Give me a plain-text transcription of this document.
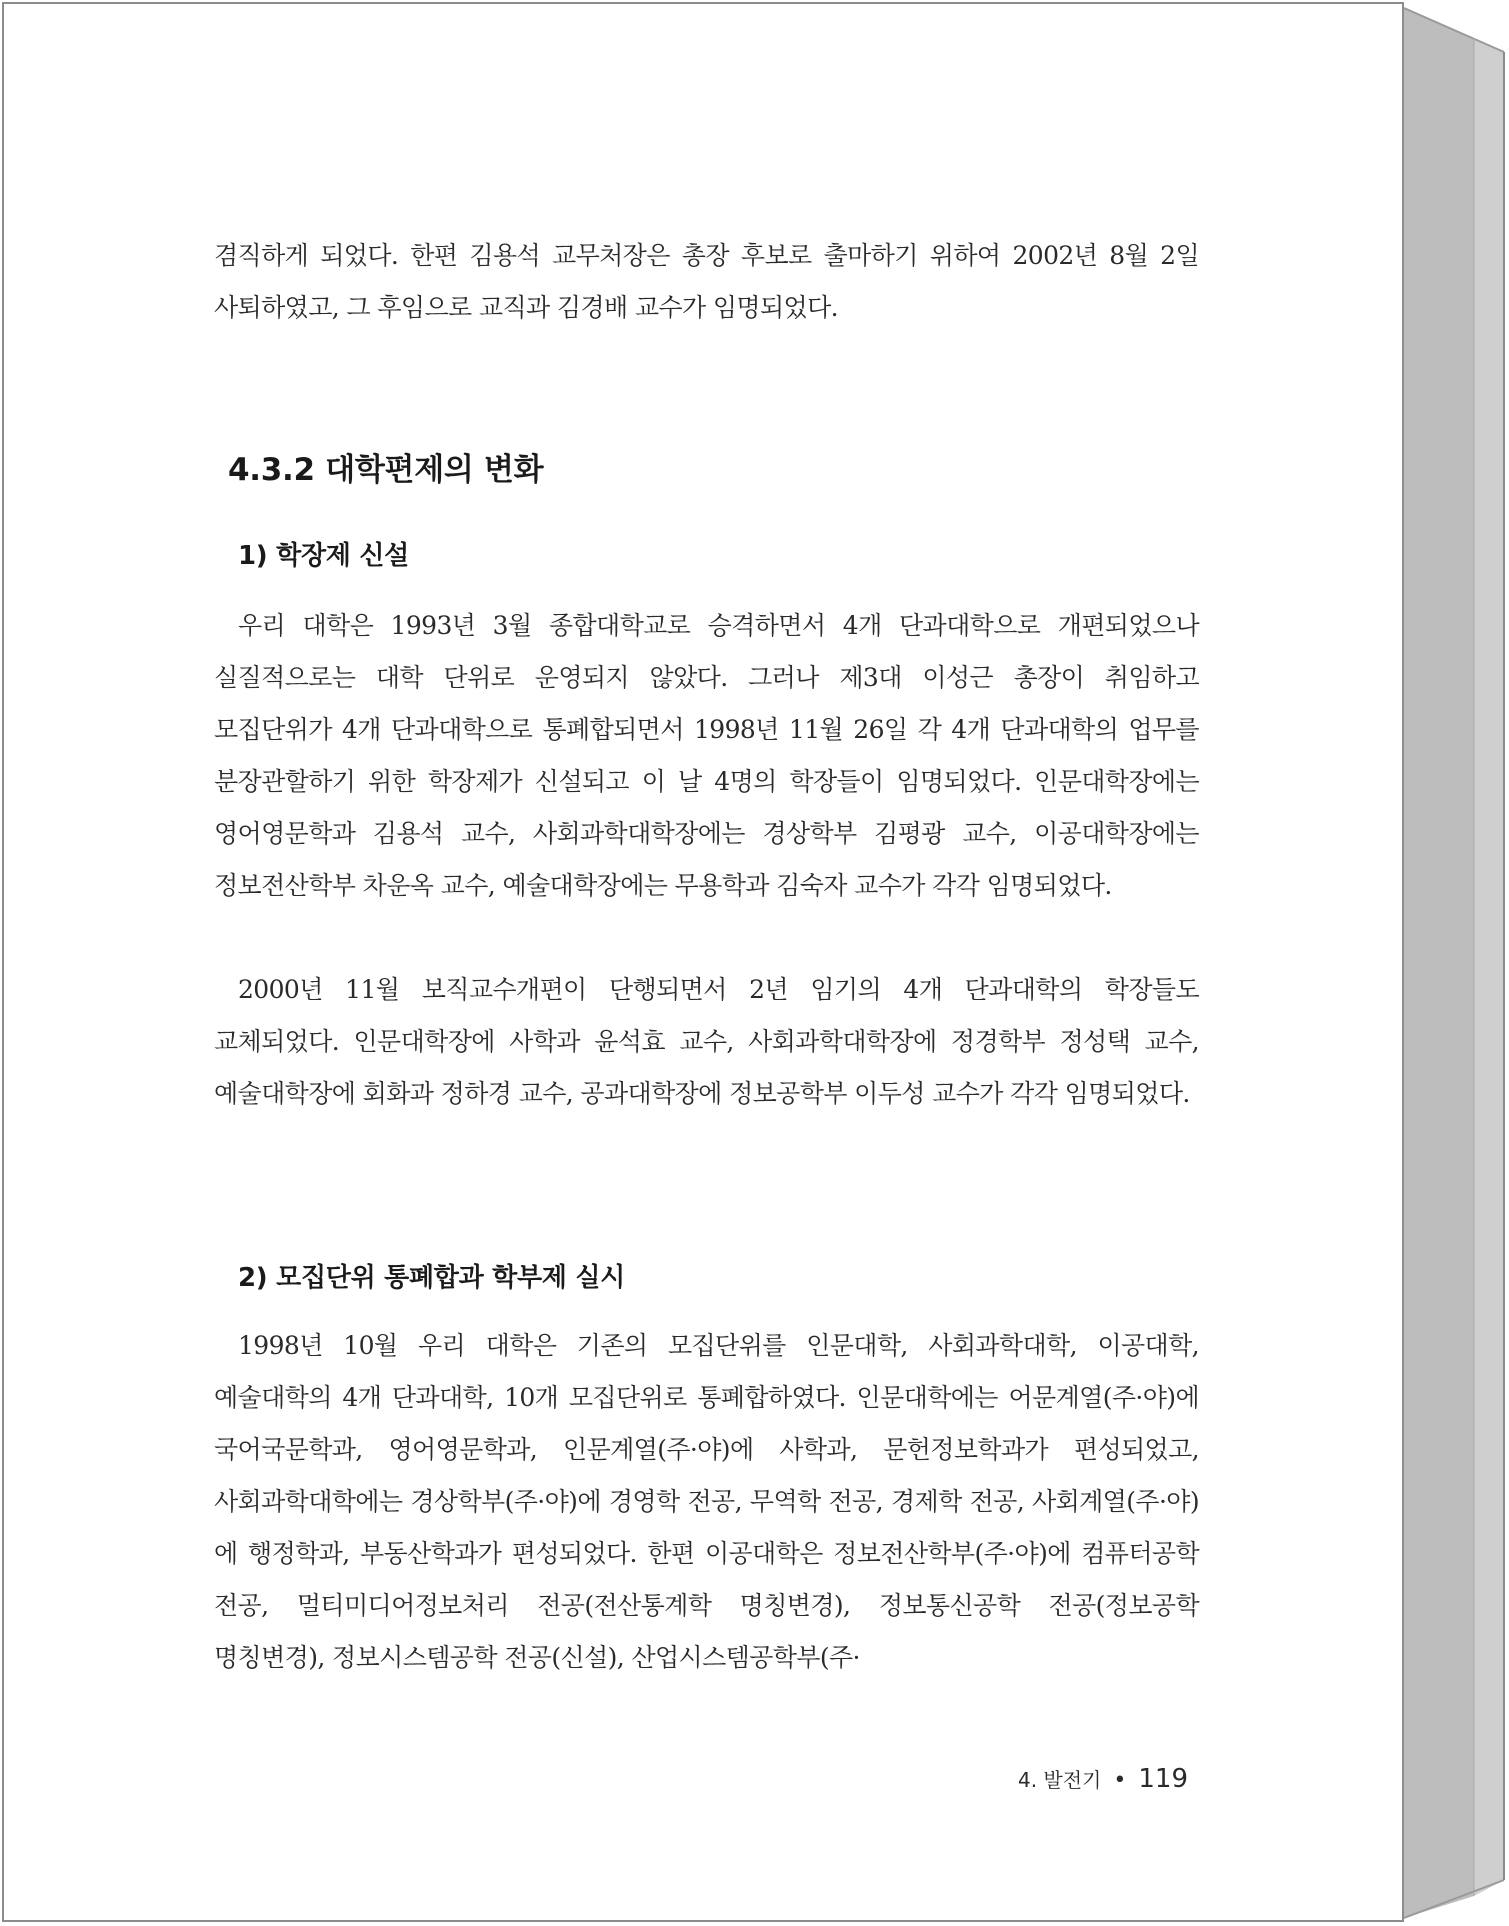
겸직하게 되었다. 한편 김용석 교무처장은 총장 후보로 출마하기 위하여 2002년 8월 2일 사퇴하였고, 그 후임으로 교직과 김경배 교수가 임명되었다.

4.3.2 대학편제의 변화
1) 학장제 신설

우리 대학은 1993년 3월 종합대학교로 승격하면서 4개 단과대학으로 개편되었으나 실질적으로는 대학 단위로 운영되지 않았다. 그러나 제3대 이성근 총장이 취임하고 모집단위가 4개 단과대학으로 통폐합되면서 1998년 11월 26일 각 4개 단과대학의 업무를 분장관할하기 위한 학장제가 신설되고 이 날 4명의 학장들이 임명되었다. 인문대학장에는 영어영문학과 김용석 교수, 사회과학대학장에는 경상학부 김평광 교수, 이공대학장에는 정보전산학부 차운옥 교수, 예술대학장에는 무용학과 김숙자 교수가 각각 임명되었다.

2000년 11월 보직교수개편이 단행되면서 2년 임기의 4개 단과대학의 학장들도 교체되었다. 인문대학장에 사학과 윤석효 교수, 사회과학대학장에 정경학부 정성택 교수, 예술대학장에 회화과 정하경 교수, 공과대학장에 정보공학부 이두성 교수가 각각 임명되었다.

2) 모집단위 통폐합과 학부제 실시

1998년 10월 우리 대학은 기존의 모집단위를 인문대학, 사회과학대학, 이공대학, 예술대학의 4개 단과대학, 10개 모집단위로 통폐합하였다. 인문대학에는 어문계열(주·야)에 국어국문학과, 영어영문학과, 인문계열(주·야)에 사학과, 문헌정보학과가 편성되었고, 사회과학대학에는 경상학부(주·야)에 경영학 전공, 무역학 전공, 경제학 전공, 사회계열(주·야)에 행정학과, 부동산학과가 편성되었다. 한편 이공대학은 정보전산학부(주·야)에 컴퓨터공학 전공, 멀티미디어정보처리 전공(전산통계학 명칭변경), 정보통신공학 전공(정보공학 명칭변경), 정보시스템공학 전공(신설), 산업시스템공학부(주·

4. 발전기 • 119
